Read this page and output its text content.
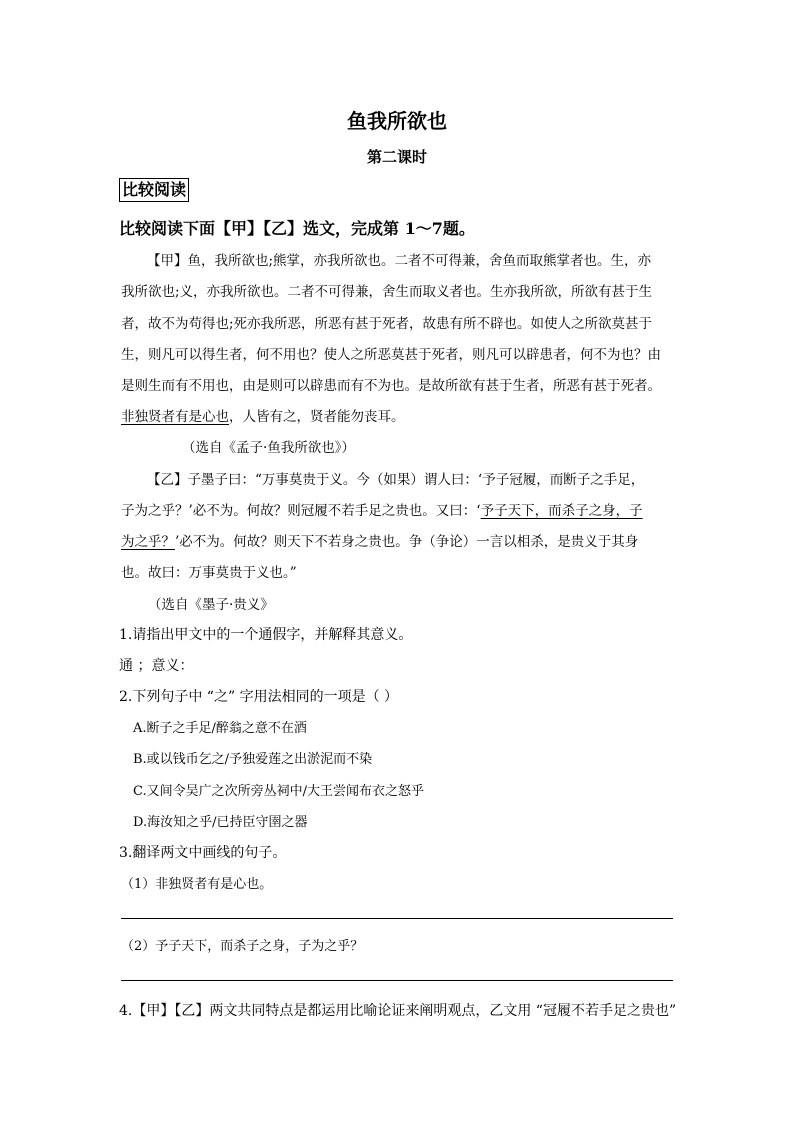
鱼我所欲也
第二课时
比较阅读
比较阅读下面【甲】【乙】选文，完成第 1～7题。
【甲】鱼，我所欲也;熊掌，亦我所欲也。二者不可得兼，舍鱼而取熊掌者也。生，亦
我所欲也;义，亦我所欲也。二者不可得兼，舍生而取义者也。生亦我所欲，所欲有甚于生
者，故不为苟得也;死亦我所恶，所恶有甚于死者，故患有所不辟也。如使人之所欲莫甚于
生，则凡可以得生者，何不用也？使人之所恶莫甚于死者，则凡可以辟患者，何不为也？由
是则生而有不用也，由是则可以辟患而有不为也。是故所欲有甚于生者，所恶有甚于死者。
非独贤者有是心也，人皆有之，贤者能勿丧耳。
（选自《孟子·鱼我所欲也》）
【乙】子墨子曰：“万事莫贵于义。今（如果）谓人曰：‘予子冠履，而断子之手足，
子为之乎？’必不为。何故？则冠履不若手足之贵也。又曰：‘予子天下，而杀子之身，子
为之乎？’必不为。何故？则天下不若身之贵也。争（争论）一言以相杀，是贵义于其身
也。故曰：万事莫贵于义也。”
（选自《墨子·贵义》
1.请指出甲文中的一个通假字，并解释其意义。
通 ；意义：
2.下列句子中 “之” 字用法相同的一项是（ ）
A.断子之手足/醉翁之意不在酒
B.或以钱币乞之/予独爱莲之出淤泥而不染
C.又间令吴广之次所旁丛祠中/大王尝闻布衣之怒乎
D.海汝知之乎/已持臣守圉之器
3.翻译两文中画线的句子。
（1）非独贤者有是心也。
（2）予子天下，而杀子之身，子为之乎？
4.【甲】【乙】两文共同特点是都运用比喻论证来阐明观点，乙文用 “冠履不若手足之贵也”
